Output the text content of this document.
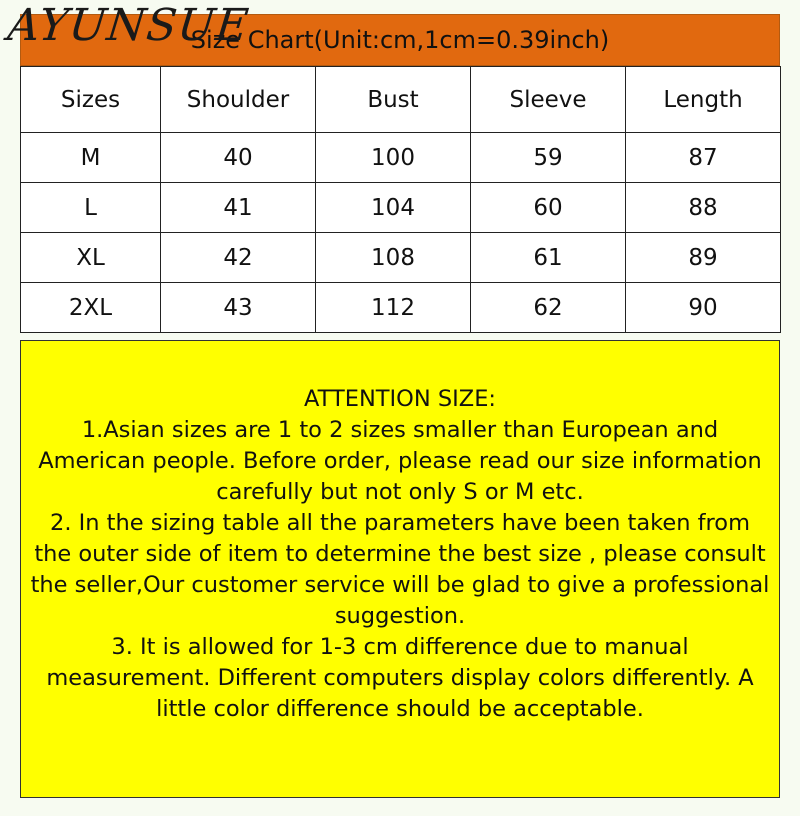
AYUNSUE
Size Chart(Unit:cm,1cm=0.39inch)
Sizes	Shoulder	Bust	Sleeve	Length
M	40	100	59	87
L	41	104	60	88
XL	42	108	61	89
2XL	43	112	62	90

ATTENTION SIZE:

1.Asian sizes are 1 to 2 sizes smaller than European and American people. Before order, please read our size information carefully but not only S or M etc.

2. In the sizing table all the parameters have been taken from the outer side of item to determine the best size , please consult the seller,Our customer service will be glad to give a professional suggestion.

3. It is allowed for 1-3 cm difference due to manual measurement. Different computers display colors differently. A little color difference should be acceptable.
